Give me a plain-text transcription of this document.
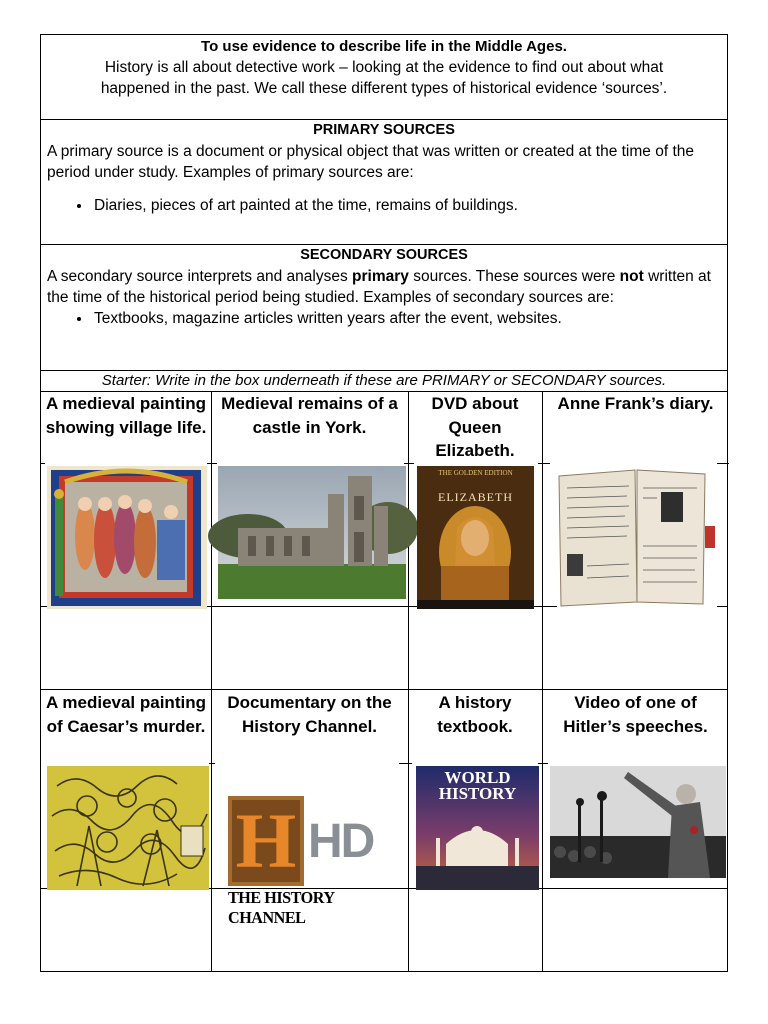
To use evidence to describe life in the Middle Ages.
History is all about detective work – looking at the evidence to find out about what
happened in the past. We call these different types of historical evidence ‘sources’.
PRIMARY SOURCES
A primary source is a document or physical object that was written or created at the time of the period under study. Examples of primary sources are:
• Diaries, pieces of art painted at the time, remains of buildings.
SECONDARY SOURCES
A secondary source interprets and analyses primary sources. These sources were not written at the time of the historical period being studied. Examples of secondary sources are:
• Textbooks, magazine articles written years after the event, websites.
Starter: Write in the box underneath if these are PRIMARY or SECONDARY sources.
A medieval painting showing village life.
Medieval remains of a castle in York.
DVD about Queen Elizabeth.
Anne Frank’s diary.
A medieval painting of Caesar’s murder.
Documentary on the History Channel.
A history textbook.
Video of one of Hitler’s speeches.
THE GOLDEN EDITION
ELIZABETH
H HD
THE HISTORY CHANNEL
WORLD
HISTORY
